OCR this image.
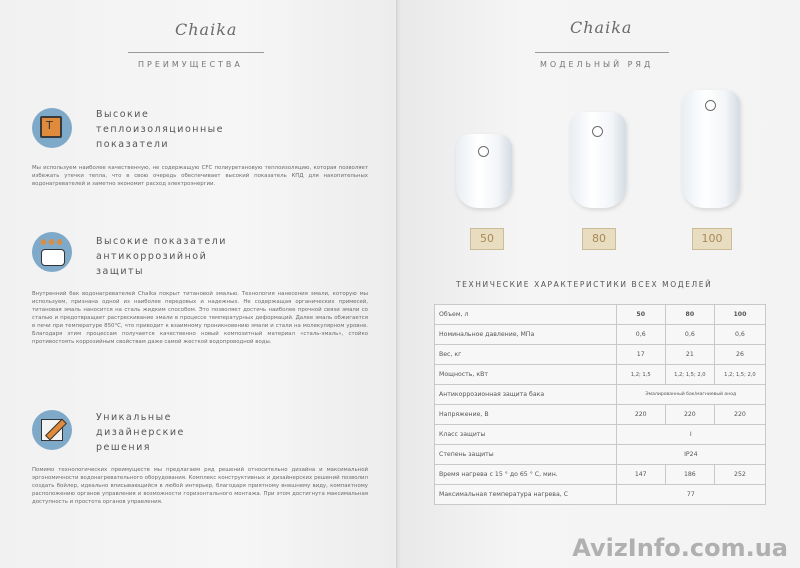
Chaika
ПРЕИМУЩЕСТВА
T
Высокие
теплоизоляционные
показатели
Мы используем наиболее качественную, не содержащую CFC полиуретановую теплоизоляцию, которая позволяет избежать утечки тепла, что в свою очередь обеспечивает высокий показатель КПД для накопительных водонагревателей и заметно экономит расход электроэнергии.
Высокие показатели
антикоррозийной
защиты
Внутренний бак водонагревателей Chaika покрыт титановой эмалью. Технология нанесения эмали, которую мы используем, признана одной из наиболее передовых и надежных. Не содержащая органических примесей, титановая эмаль наносится на сталь жидким способом. Это позволяет достичь наиболее прочной связи эмали со сталью и предотвращает растрескивание эмали в процессе температурных деформаций. Далее эмаль обжигается в печи при температуре 850°С, что приводит к взаимному проникновению эмали и стали на молекулярном уровне. Благодаря этим процессам получается качественно новый композитный материал «сталь-эмаль», стойко противостоять коррозийным свойствам даже самой жесткой водопроводной воды.
Уникальные
дизайнерские
решения
Помимо технологических преимуществ мы предлагаем ряд решений относительно дизайна и максимальной эргономичности водонагревательного оборудования. Комплекс конструктивных и дизайнерских решений позволил создать бойлер, идеально вписывающийся в любой интерьер, благодаря приятному внешнему виду, компактному расположению органов управления и возможности горизонтального монтажа. При этом достигнута максимальная доступность и простота органов управления.
Chaika
МОДЕЛЬНЫЙ РЯД
50	80	100
ТЕХНИЧЕСКИЕ ХАРАКТЕРИСТИКИ ВСЕХ МОДЕЛЕЙ
Объем, л	50	80	100
Номинальное давление, МПа	0,6	0,6	0,6
Вес, кг	17	21	26
Мощность, кВт	1,2; 1,5	1,2; 1,5; 2,0	1,2; 1,5; 2,0
Антикоррозионная защита бака	Эмалированный бак/магниевый анод		
Напряжение, В	220	220	220
Класс защиты	I		
Степень защиты	IP24		
Время нагрева с 15 ° до 65 ° С, мин.	147	186	252
Максимальная температура нагрева, С	77		
AvizInfo.com.ua
